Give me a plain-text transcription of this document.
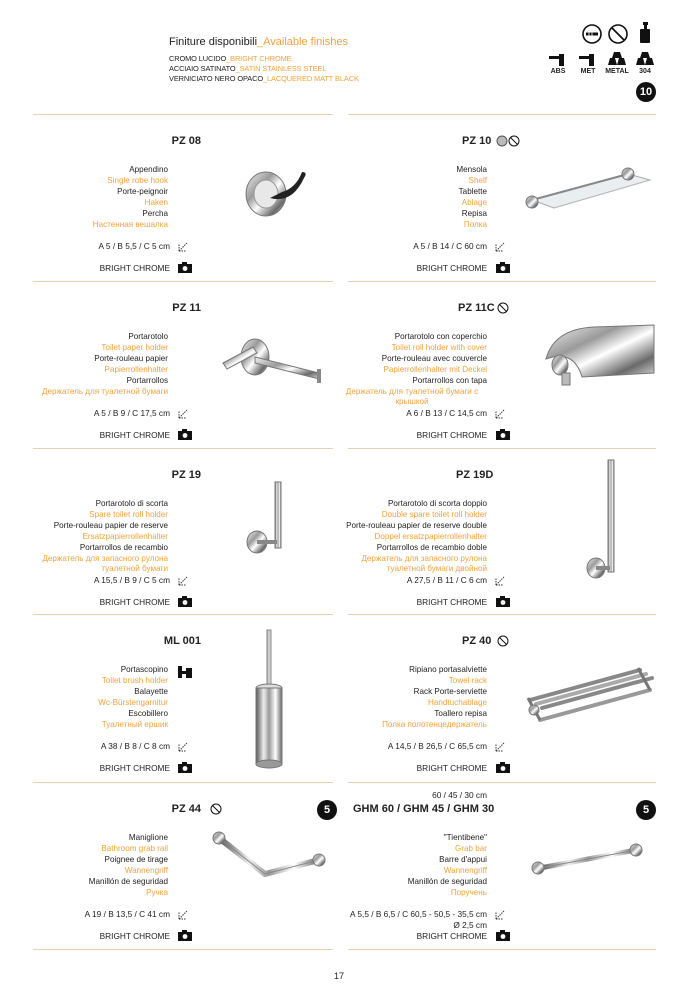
Finiture disponibili_Available finishes
CROMO LUCIDO_BRIGHT CHROME
ACCIAIO SATINATO_SATIN STAINLESS STEEL
VERNICIATO NERO OPACO_LACQUERED MATT BLACK
ABS	MET	METAL	304
10
PZ 08
Appendino
Single robe hook
Porte-peignoir
Haken
Percha
Настенная вешалка
A 5 / B 5,5 / C 5 cm
BRIGHT CHROME
PZ 10
Mensola
Shelf
Tablette
Ablage
Repisa
Полка
A 5 / B 14 / C 60 cm
BRIGHT CHROME
PZ 11
Portarotolo
Toilet paper holder
Porte-rouleau papier
Papierrollenhalter
Portarrollos
Держатель для туалетной бумаги
A 5 / B 9 / C 17,5 cm
BRIGHT CHROME
PZ 11C
Portarotolo con coperchio
Toilet roll holder with cover
Porte-rouleau avec couvercle
Papierrollenhalter mit Deckel
Portarrollos con tapa
Держатель для туалетной бумаги с крышкой
A 6 / B 13 / C 14,5 cm
BRIGHT CHROME
PZ 19
Portarotolo di scorta
Spare toilet roll holder
Porte-rouleau papier de reserve
Ersatzpapierrollenhalter
Portarrollos de recambio
Держатель для запасного рулона туалетной бумаги
A 15,5 / B 9 / C 5 cm
BRIGHT CHROME
PZ 19D
Portarotolo di scorta doppio
Double spare toilet roll holder
Porte-rouleau papier de reserve double
Doppel ersatzpapierrollenhalter
Portarrollos de recambio doble
Держатель для запасного рулона туалетной бумаги двойной
A 27,5 / B 11 / C 6 cm
BRIGHT CHROME
ML 001
Portascopino
Toilet brush holder
Balayette
Wc-Bürstengarnitur
Escobillero
Туалетный ершик
A 38 / B 8 / C 8 cm
BRIGHT CHROME
PZ 40
Ripiano portasalviette
Towel rack
Rack Porte-serviette
Handtuchablage
Toallero repisa
Полка полотенцедержатель
A 14,5 / B 26,5 / C 65,5 cm
BRIGHT CHROME
PZ 44	5
Maniglione
Bathroom grab rail
Poignee de tirage
Wannengriff
Manillón de seguridad
Ручка
A 19 / B 13,5 / C 41 cm
BRIGHT CHROME
60 / 45 / 30 cm
GHM 60 / GHM 45 / GHM 30	5
"Tientibene"
Grab bar
Barre d'appui
Wannengriff
Manillón de seguridad
Поручень
A 5,5 / B 6,5 / C 60,5 - 50,5 - 35,5 cm
Ø 2,5 cm
BRIGHT CHROME
17
